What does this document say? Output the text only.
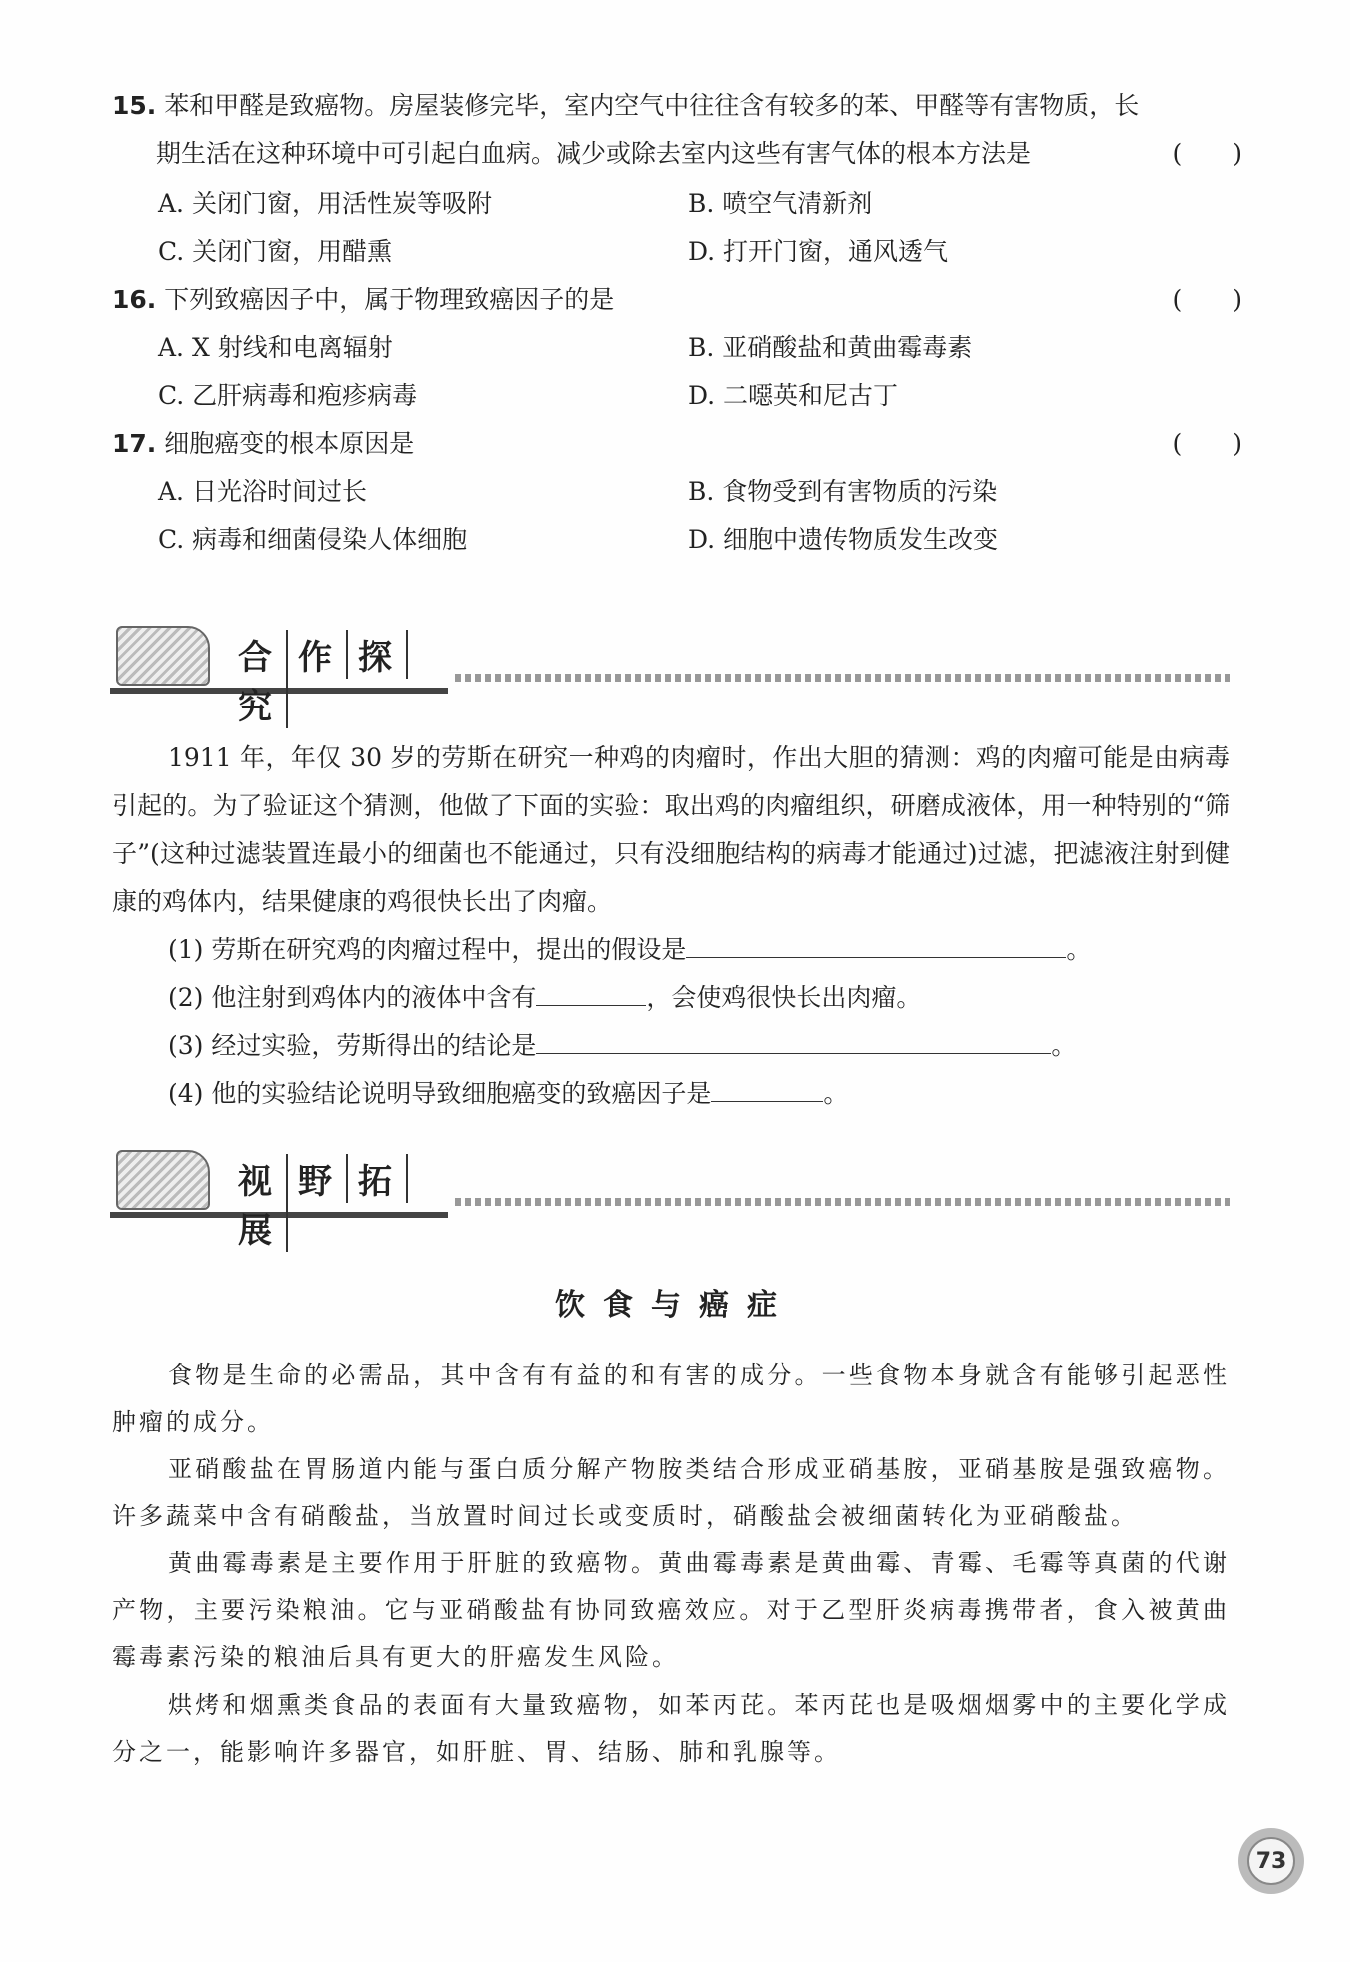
15. 苯和甲醛是致癌物。房屋装修完毕，室内空气中往往含有较多的苯、甲醛等有害物质，长
期生活在这种环境中可引起白血病。减少或除去室内这些有害气体的根本方法是	(　　)
A. 关闭门窗，用活性炭等吸附	B. 喷空气清新剂
C. 关闭门窗，用醋熏	D. 打开门窗，通风透气
16. 下列致癌因子中，属于物理致癌因子的是	(　　)
A. X 射线和电离辐射	B. 亚硝酸盐和黄曲霉毒素
C. 乙肝病毒和疱疹病毒	D. 二噁英和尼古丁
17. 细胞癌变的根本原因是	(　　)
A. 日光浴时间过长	B. 食物受到有害物质的污染
C. 病毒和细菌侵染人体细胞	D. 细胞中遗传物质发生改变
合 作 探究
1911 年，年仅 30 岁的劳斯在研究一种鸡的肉瘤时，作出大胆的猜测：鸡的肉瘤可能是由病毒引起的。为了验证这个猜测，他做了下面的实验：取出鸡的肉瘤组织，研磨成液体，用一种特别的“筛子”(这种过滤装置连最小的细菌也不能通过，只有没细胞结构的病毒才能通过)过滤，把滤液注射到健康的鸡体内，结果健康的鸡很快长出了肉瘤。
(1) 劳斯在研究鸡的肉瘤过程中，提出的假设是	。
(2) 他注射到鸡体内的液体中含有	，会使鸡很快长出肉瘤。
(3) 经过实验，劳斯得出的结论是	。
(4) 他的实验结论说明导致细胞癌变的致癌因子是	。
视 野 拓展
饮食与癌症
食物是生命的必需品，其中含有有益的和有害的成分。一些食物本身就含有能够引起恶性肿瘤的成分。
亚硝酸盐在胃肠道内能与蛋白质分解产物胺类结合形成亚硝基胺，亚硝基胺是强致癌物。许多蔬菜中含有硝酸盐，当放置时间过长或变质时，硝酸盐会被细菌转化为亚硝酸盐。
黄曲霉毒素是主要作用于肝脏的致癌物。黄曲霉毒素是黄曲霉、青霉、毛霉等真菌的代谢产物，主要污染粮油。它与亚硝酸盐有协同致癌效应。对于乙型肝炎病毒携带者，食入被黄曲霉毒素污染的粮油后具有更大的肝癌发生风险。
烘烤和烟熏类食品的表面有大量致癌物，如苯丙芘。苯丙芘也是吸烟烟雾中的主要化学成分之一，能影响许多器官，如肝脏、胃、结肠、肺和乳腺等。
73
